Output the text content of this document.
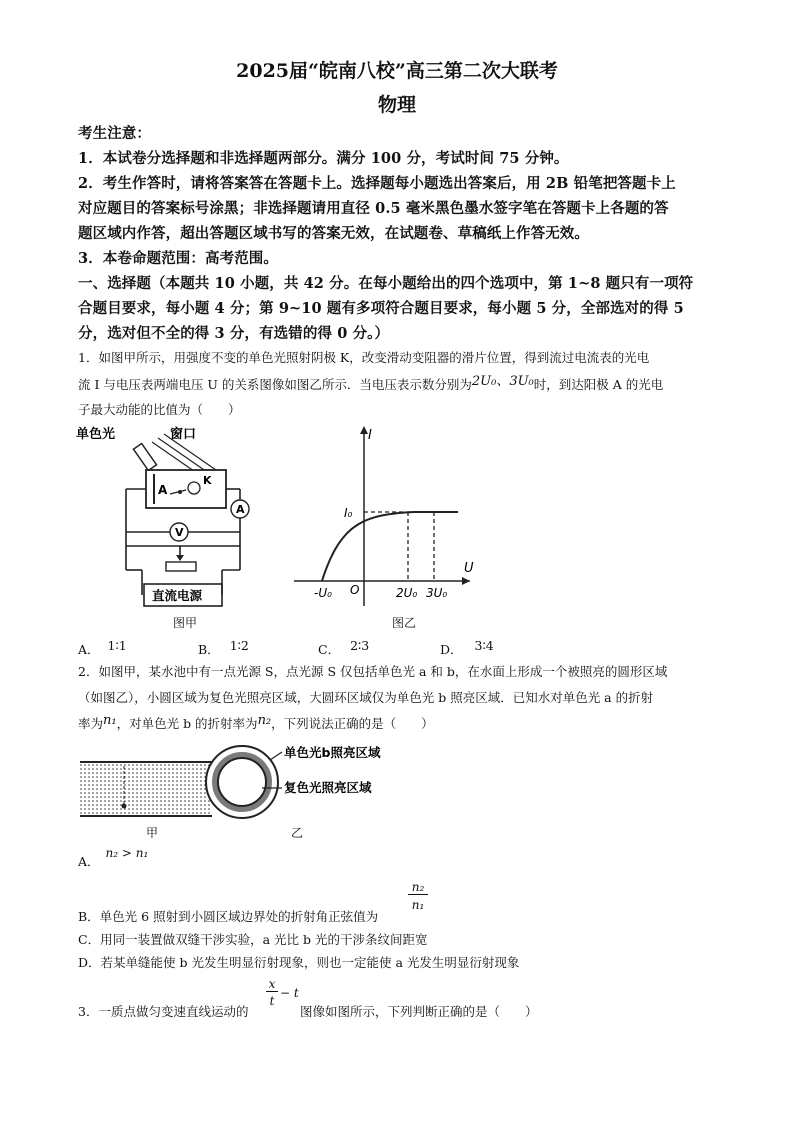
2025届“皖南八校”高三第二次大联考
物理
考生注意：
1．本试卷分选择题和非选择题两部分。满分 100 分，考试时间 75 分钟。
2．考生作答时，请将答案答在答题卡上。选择题每小题选出答案后，用 2B 铅笔把答题卡上
对应题目的答案标号涂黑；非选择题请用直径 0.5 毫米黑色墨水签字笔在答题卡上各题的答
题区域内作答，超出答题区域书写的答案无效，在试题卷、草稿纸上作答无效。
3．本卷命题范围：高考范围。
一、选择题（本题共 10 小题，共 42 分。在每小题给出的四个选项中，第 1~8 题只有一项符
合题目要求，每小题 4 分；第 9~10 题有多项符合题目要求，每小题 5 分，全部选对的得 5
分，选对但不全的得 3 分，有选错的得 0 分。）
1．如图甲所示，用强度不变的单色光照射阴极 K，改变滑动变阻器的滑片位置，得到流过电流表的光电
流 I 与电压表两端电压 U 的关系图像如图乙所示．当电压表示数分别为2U₀、3U₀时，到达阳极 A 的光电
子最大动能的比值为（　　）
单色光	窗口
A
K
V
A
直流电源
图甲
I
U
I₀
-U₀ O	2U₀ 3U₀
图乙
A． 1∶1	B． 1∶2	C． 2∶3	D． 3∶4
2．如图甲，某水池中有一点光源 S，点光源 S 仅包括单色光 a 和 b，在水面上形成一个被照亮的圆形区域
（如图乙），小圆区域为复色光照亮区域，大圆环区域仅为单色光 b 照亮区域．已知水对单色光 a 的折射
率为n₁，对单色光 b 的折射率为n₂，下列说法正确的是（　　）
甲
单色光b照亮区域
复色光照亮区域
乙
A．n₂ > n₁
n₂
n₁
B．单色光 6 照射到小圆区域边界处的折射角正弦值为
C．用同一装置做双缝干涉实验，a 光比 b 光的干涉条纹间距宽
D．若某单缝能使 b 光发生明显衍射现象，则也一定能使 a 光发生明显衍射现象
x
t
− t
3．一质点做匀变速直线运动的	图像如图所示，下列判断正确的是（　　）
